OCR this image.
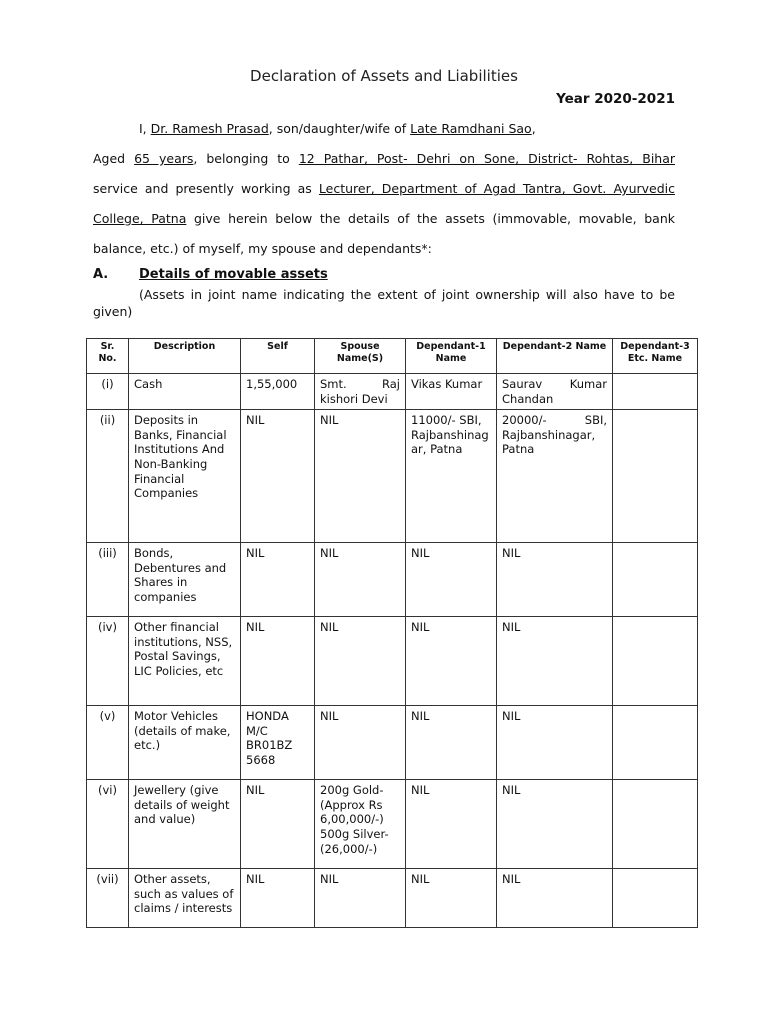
Declaration of Assets and Liabilities
Year 2020-2021
I, Dr. Ramesh Prasad, son/daughter/wife of Late Ramdhani Sao,
Aged 65 years, belonging to 12 Pathar, Post- Dehri on Sone, District- Rohtas, Bihar
service and presently working as Lecturer, Department of Agad Tantra, Govt. Ayurvedic
College, Patna give herein below the details of the assets (immovable, movable, bank
balance, etc.) of myself, my spouse and dependants*:
A. Details of movable assets
(Assets in joint name indicating the extent of joint ownership will also have to be given)
Sr. No.	Description	Self	Spouse Name(S)	Dependant-1 Name	Dependant-2 Name	Dependant-3 Etc. Name
(i)	Cash	1,55,000	Smt. Raj kishori Devi	Vikas Kumar	Saurav Kumar Chandan	
(ii)	Deposits in Banks, Financial Institutions And Non-Banking Financial Companies	NIL	NIL	11000/- SBI, Rajbanshinagar, Patna	20000/- SBI, Rajbanshinagar, Patna	
(iii)	Bonds, Debentures and Shares in companies	NIL	NIL	NIL	NIL	
(iv)	Other financial institutions, NSS, Postal Savings, LIC Policies, etc	NIL	NIL	NIL	NIL	
(v)	Motor Vehicles (details of make, etc.)	HONDA M/C BR01BZ 5668	NIL	NIL	NIL	
(vi)	Jewellery (give details of weight and value)	NIL	200g Gold-(Approx Rs 6,00,000/-) 500g Silver-(26,000/-)	NIL	NIL	
(vii)	Other assets, such as values of claims / interests	NIL	NIL	NIL	NIL	
